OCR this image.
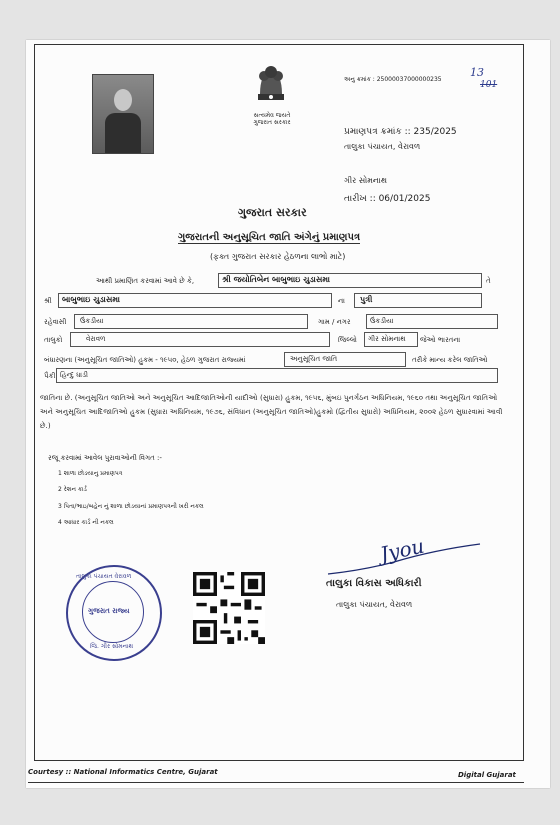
સત્યમેવ જયતે
ગુજરાત સરકાર
અનુ ક્રમાંક : 25000037000000235
13
101
પ્રમાણપત્ર ક્રમાંક :: 235/2025
તાલુકા પંચાયત, વેરાવળ
ગીર સોમનાથ
તારીખ :: 06/01/2025
ગુજરાત સરકાર
ગુજરાતની અનુસૂચિત જાતિ અંગેનું પ્રમાણપત્ર
(ફક્ત ગુજરાત સરકાર હેઠળના લાભો માટે)
આથી પ્રમાણિત કરવામાં આવે છે કે,	શ્રી જયોતિબેન બાબુભાઇ ચુડાસમા	તે
શ્રી બાબુભાઇ ચુડાસમા	ના પુત્રી
રહેવાસી ઉંકડીયા	ગામ / નગર	ઉંકડીયા
તાલુકો	વેરાવળ	જિલ્લો ગીર સોમનાથ જેઓ ભારતના
બંધારણના (અનુસૂચિત જાતિઓ) હુકમ - ૧૯૫૦, હેઠળ ગુજરાત રાજ્યમાં	અનુસૂચિત જાતિ	તરીકે માન્ય કરેલ જાતિઓ
પૈકી હિન્દુ ધાડી
જાતિના છે. (અનુસૂચિત જાતિઓ અને અનુસૂચિત આદિજાતિઓની યાદીઓ (સુધારા) હુકમ, ૧૯૫૬, મુંબઇ પુનર્ગઠન અધિનિયમ, ૧૯૬૦ તથા અનુસૂચિત જાતિઓ અને અનુસૂચિત આદિજાતિઓ હુકમ (સુધારા અધિનિયમ, ૧૯૭૬, સંવિધાન (અનુસૂચિત જાતિઓ)હુકમો (દ્વિતીય સુધારો) અધિનિયમ, ૨૦૦૨ હેઠળ સુધારવામાં આવી છે.)
રજૂ કરવામાં આવેલ પુરાવાઓની વિગત :-
1 શાળા છોડયાનુ પ્રમાણપત્ર
2 રેશન કાર્ડ
3 પિતા/ભાઇ/બહેન નું શાળા છોડયાનાં પ્રમાણપત્રની ખરી નકલ
4 આધાર કાર્ડ ની નકલ
તાલુકા પંચાયત વેરાવળ
ગુજરાત રાજ્ય
જિ. ગીર સોમનાથ
Jyou
તાલુકા વિકાસ અધિકારી
તાલુકા પંચાયત, વેરાવળ
Courtesy :: National Informatics Centre, Gujarat	Digital Gujarat
